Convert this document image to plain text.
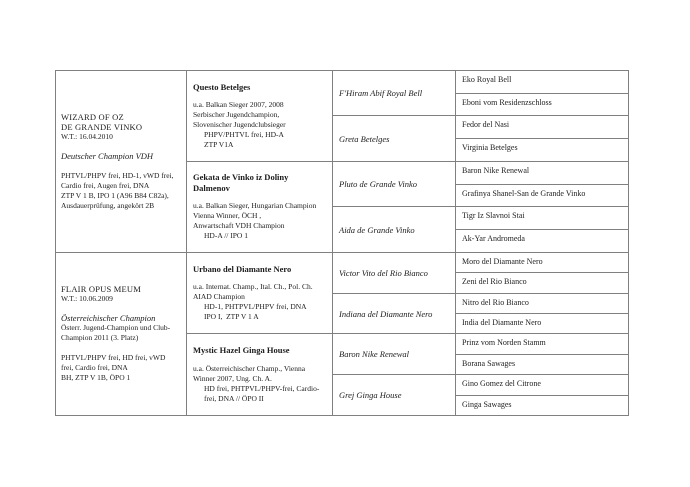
WIZARD OF OZ
DE GRANDE VINKO
W.T.: 16.04.2010
Deutscher Champion VDH
PHTVL/PHPV frei, HD-1, vWD frei,
Cardio frei, Augen frei, DNA
ZTP V 1 B, IPO 1 (A96 B84 C82a),
Ausdauerprüfung, angekört 2B
FLAIR OPUS MEUM
W.T.: 10.06.2009
Österreichischer Champion
Österr. Jugend-Champion und Club-
Champion 2011 (3. Platz)
PHTVL/PHPV frei, HD frei, vWD
frei, Cardio frei, DNA
BH, ZTP V 1B, ÖPO 1
Questo Betelges
u.a. Balkan Sieger 2007, 2008
Serbischer Jugendchampion,
Slovenischer Jugendclubsieger
PHPV/PHTVL frei, HD-A
ZTP V1A
Gekata de Vinko iz Doliny
Dalmenov
u.a. Balkan Sieger, Hungarian Champion
Vienna Winner, ÖCH ,
Anwartschaft VDH Champion
HD-A // IPO 1
Urbano del Diamante Nero
u.a. Internat. Champ., Ital. Ch., Pol. Ch.
AIAD Champion
HD-1, PHTPVL/PHPV frei, DNA
IPO I,  ZTP V 1 A
Mystic Hazel Ginga House
u.a. Österreichischer Champ., Vienna
Winner 2007, Ung. Ch. A.
HD frei, PHTPVL/PHPV-frei, Cardio-
frei, DNA // ÖPO II
F'Hiram Abif Royal Bell
Greta Betelges
Pluto de Grande Vinko
Aida de Grande Vinko
Victor Vito del Rio Bianco
Indiana del Diamante Nero
Baron Nike Renewal
Grej Ginga House
Eko Royal Bell
Eboni vom Residenzschloss
Fedor del Nasi
Virginia Betelges
Baron Nike Renewal
Grafinya Shanel-San de Grande Vinko
Tigr Iz Slavnoi Stai
Ak-Yar Andromeda
Moro del Diamante Nero
Zeni del Rio Bianco
Nitro del Rio Bianco
India del Diamante Nero
Prinz vom Norden Stamm
Borana Sawages
Gino Gomez del Citrone
Ginga Sawages
